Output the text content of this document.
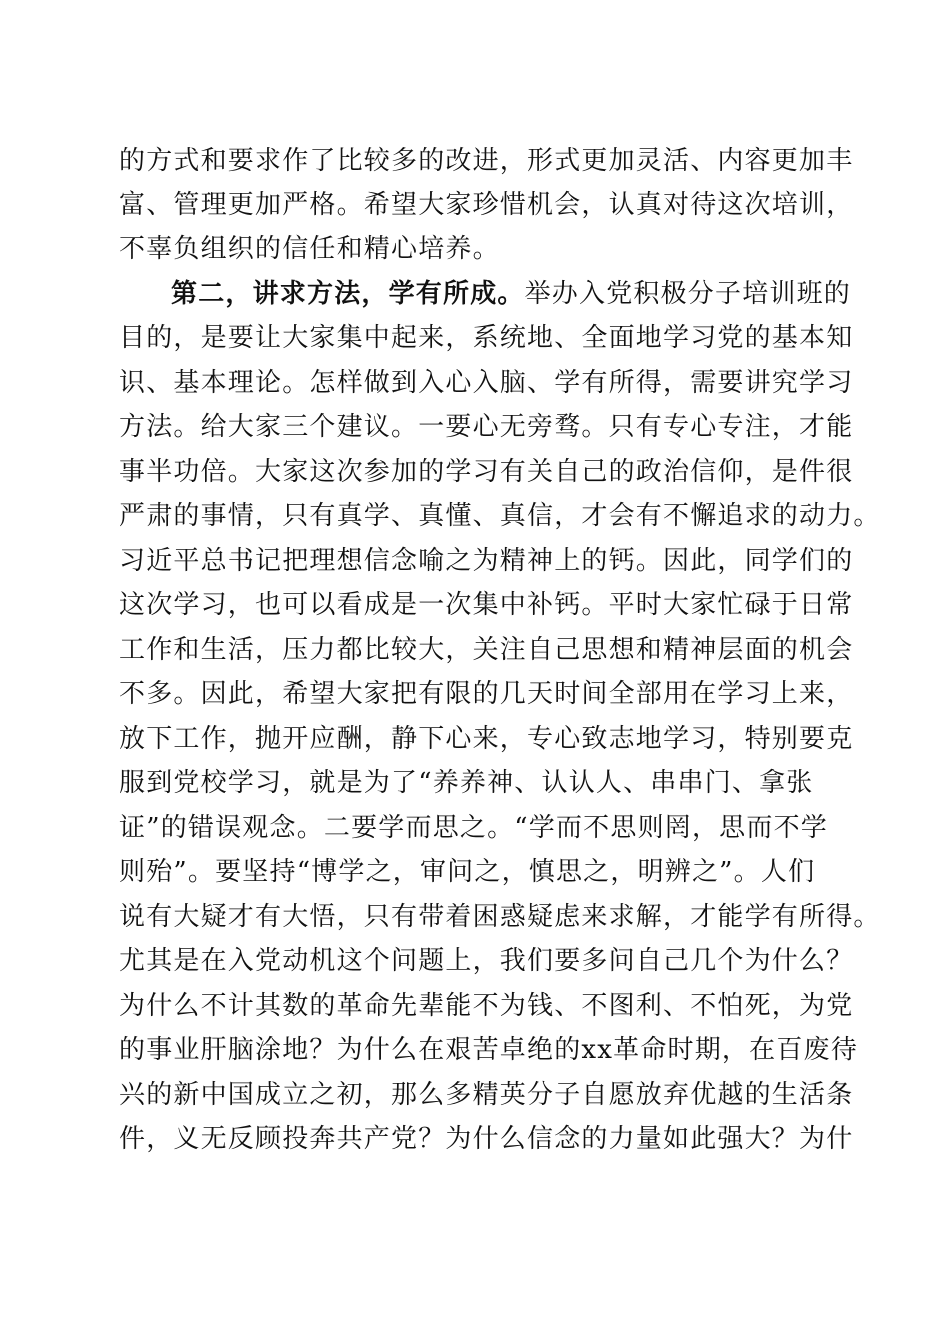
的方式和要求作了比较多的改进，形式更加灵活、内容更加丰
富、管理更加严格。希望大家珍惜机会，认真对待这次培训，
不辜负组织的信任和精心培养。
第二，讲求方法，学有所成。举办入党积极分子培训班的
目的，是要让大家集中起来，系统地、全面地学习党的基本知
识、基本理论。怎样做到入心入脑、学有所得，需要讲究学习
方法。给大家三个建议。一要心无旁骛。只有专心专注，才能
事半功倍。大家这次参加的学习有关自己的政治信仰，是件很
严肃的事情，只有真学、真懂、真信，才会有不懈追求的动力。
习近平总书记把理想信念喻之为精神上的钙。因此，同学们的
这次学习，也可以看成是一次集中补钙。平时大家忙碌于日常
工作和生活，压力都比较大，关注自己思想和精神层面的机会
不多。因此，希望大家把有限的几天时间全部用在学习上来，
放下工作，抛开应酬，静下心来，专心致志地学习，特别要克
服到党校学习，就是为了“养养神、认认人、串串门、拿张
证”的错误观念。二要学而思之。“学而不思则罔，思而不学
则殆”。要坚持“博学之，审问之，慎思之，明辨之”。人们
说有大疑才有大悟，只有带着困惑疑虑来求解，才能学有所得。
尤其是在入党动机这个问题上，我们要多问自己几个为什么？
为什么不计其数的革命先辈能不为钱、不图利、不怕死，为党
的事业肝脑涂地？为什么在艰苦卓绝的xx革命时期，在百废待
兴的新中国成立之初，那么多精英分子自愿放弃优越的生活条
件，义无反顾投奔共产党？为什么信念的力量如此强大？为什
